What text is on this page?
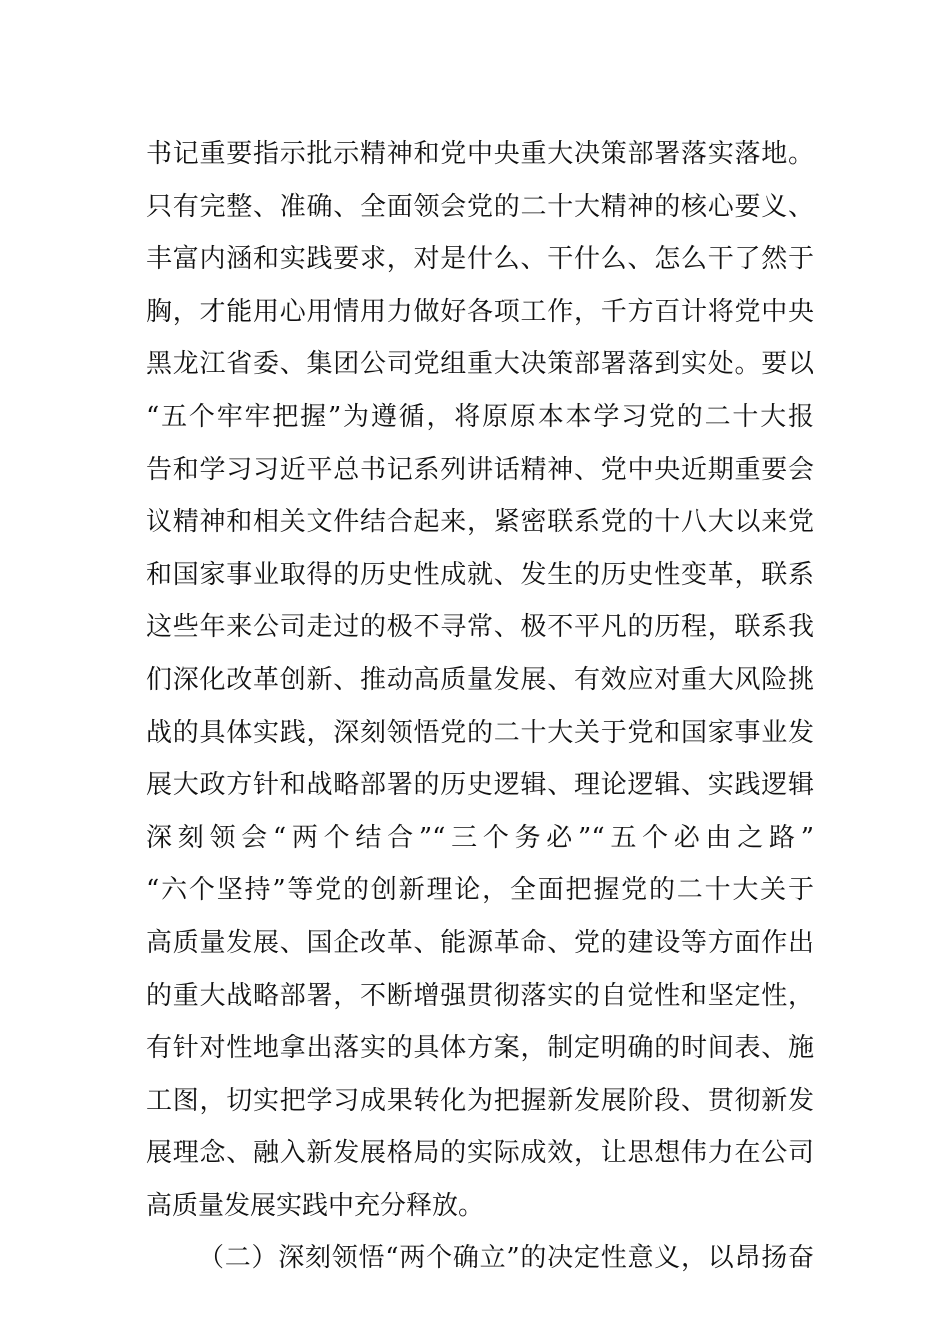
书记重要指示批示精神和党中央重大决策部署落实落地。
只有完整、准确、全面领会党的二十大精神的核心要义、
丰富内涵和实践要求，对是什么、干什么、怎么干了然于
胸，才能用心用情用力做好各项工作，千方百计将党中央
黑龙江省委、集团公司党组重大决策部署落到实处。要以
“五个牢牢把握”为遵循，将原原本本学习党的二十大报
告和学习习近平总书记系列讲话精神、党中央近期重要会
议精神和相关文件结合起来，紧密联系党的十八大以来党
和国家事业取得的历史性成就、发生的历史性变革，联系
这些年来公司走过的极不寻常、极不平凡的历程，联系我
们深化改革创新、推动高质量发展、有效应对重大风险挑
战的具体实践，深刻领悟党的二十大关于党和国家事业发
展大政方针和战略部署的历史逻辑、理论逻辑、实践逻辑
深刻领会“两个结合”“三个务必”“五个必由之路”
“六个坚持”等党的创新理论，全面把握党的二十大关于
高质量发展、国企改革、能源革命、党的建设等方面作出
的重大战略部署，不断增强贯彻落实的自觉性和坚定性，
有针对性地拿出落实的具体方案，制定明确的时间表、施
工图，切实把学习成果转化为把握新发展阶段、贯彻新发
展理念、融入新发展格局的实际成效，让思想伟力在公司
高质量发展实践中充分释放。
（二）深刻领悟“两个确立”的决定性意义，以昂扬奋
